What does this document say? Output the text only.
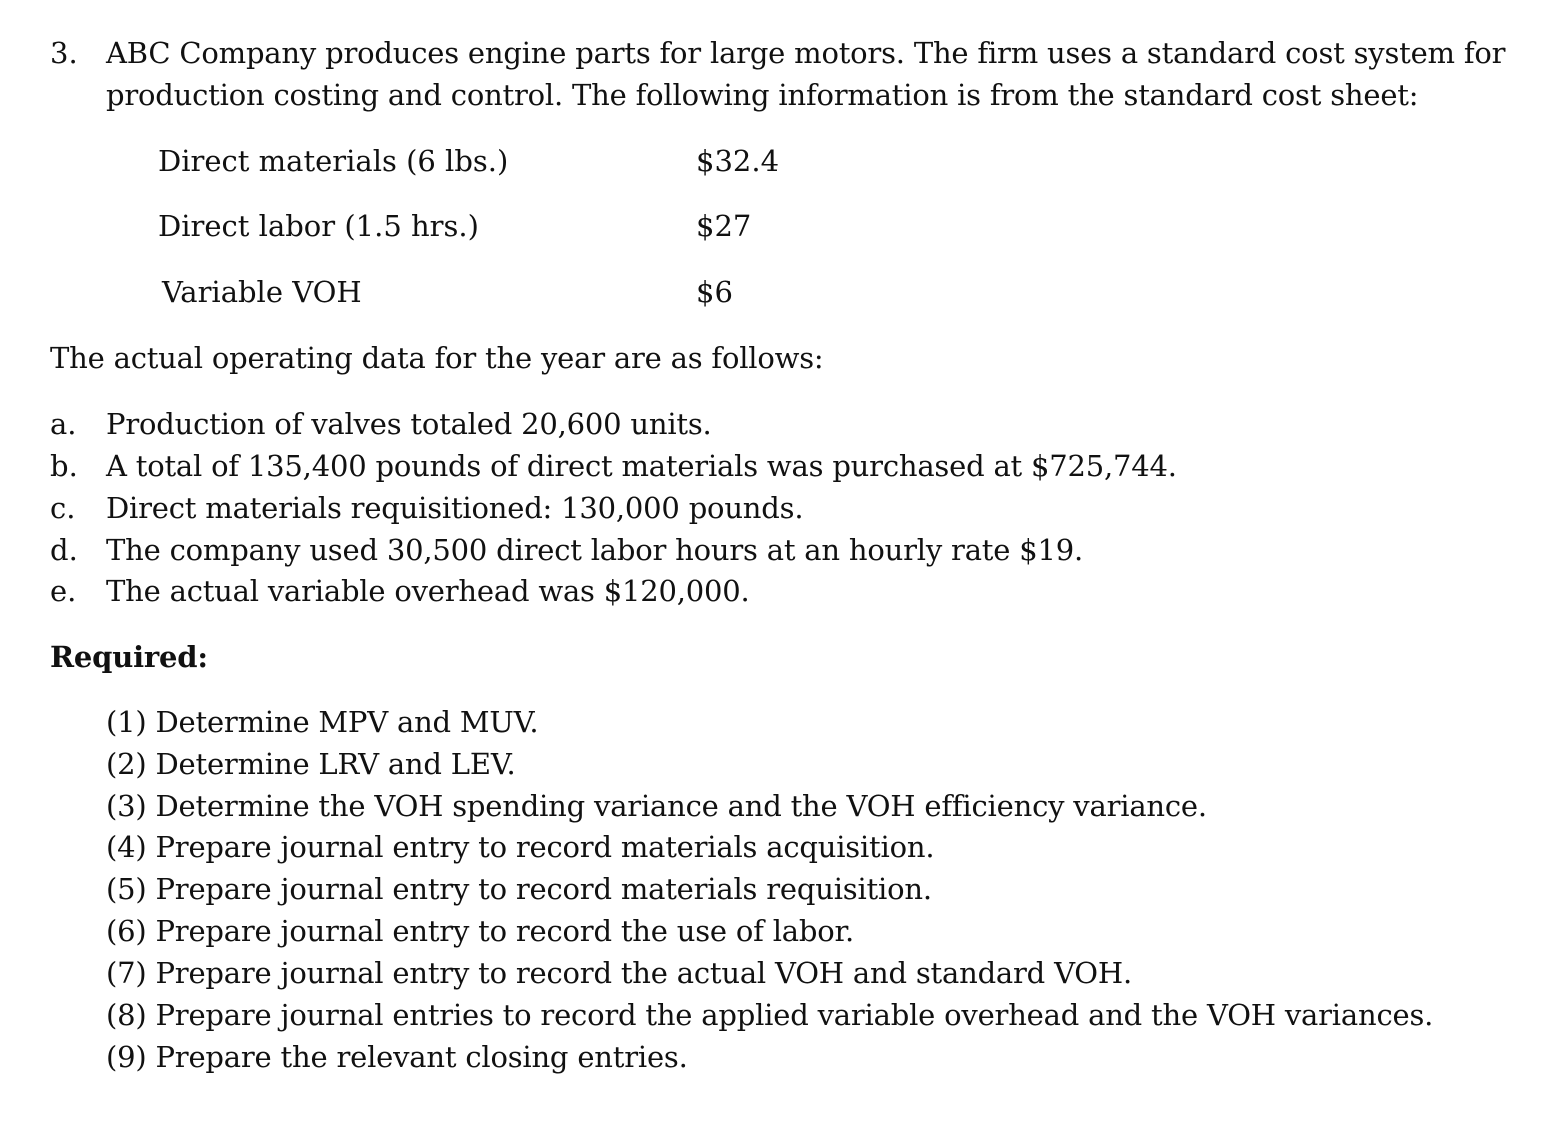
3. ABC Company produces engine parts for large motors. The firm uses a standard cost system for
production costing and control. The following information is from the standard cost sheet:
Direct materials (6 lbs.)	$32.4
Direct labor (1.5 hrs.)	$27
Variable VOH	$6
The actual operating data for the year are as follows:
a. Production of valves totaled 20,600 units.
b. A total of 135,400 pounds of direct materials was purchased at $725,744.
c. Direct materials requisitioned: 130,000 pounds.
d. The company used 30,500 direct labor hours at an hourly rate $19.
e. The actual variable overhead was $120,000.
Required:
(1) Determine MPV and MUV.
(2) Determine LRV and LEV.
(3) Determine the VOH spending variance and the VOH efficiency variance.
(4) Prepare journal entry to record materials acquisition.
(5) Prepare journal entry to record materials requisition.
(6) Prepare journal entry to record the use of labor.
(7) Prepare journal entry to record the actual VOH and standard VOH.
(8) Prepare journal entries to record the applied variable overhead and the VOH variances.
(9) Prepare the relevant closing entries.
